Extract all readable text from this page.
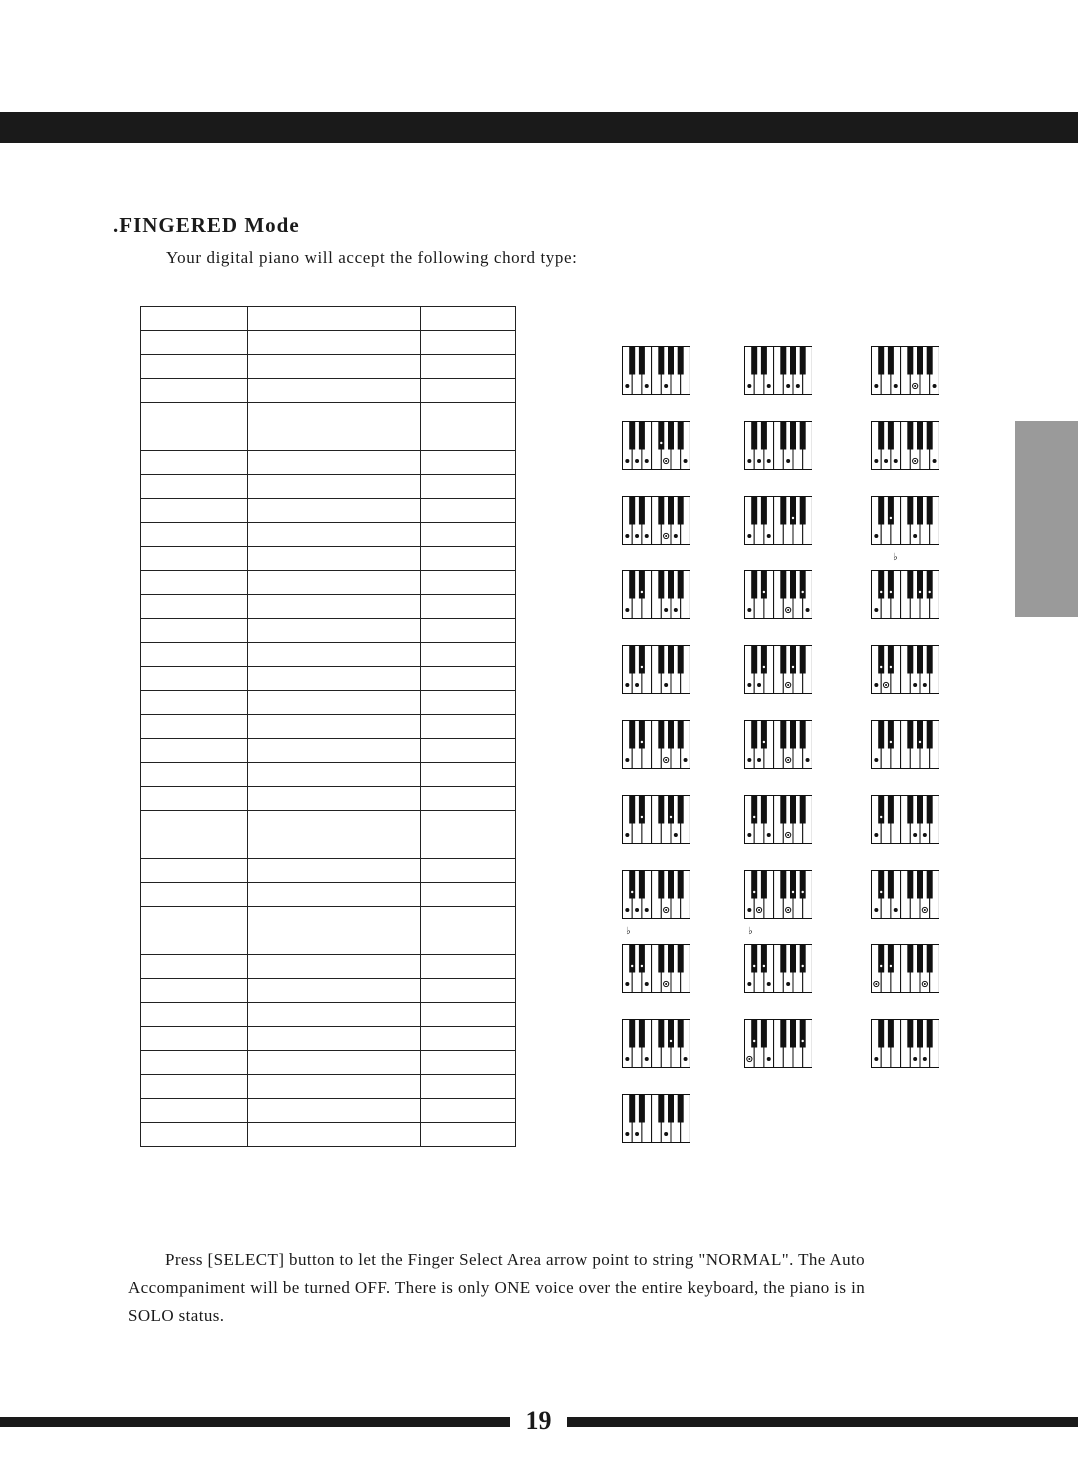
.FINGERED Mode
Your digital piano will accept the following chord type:

♭	♭
♭

Press [SELECT] button to let the Finger Select Area arrow point to string "NORMAL". The Auto Accompaniment will be turned OFF. There is only ONE voice over the entire keyboard, the piano is in SOLO status.

19
